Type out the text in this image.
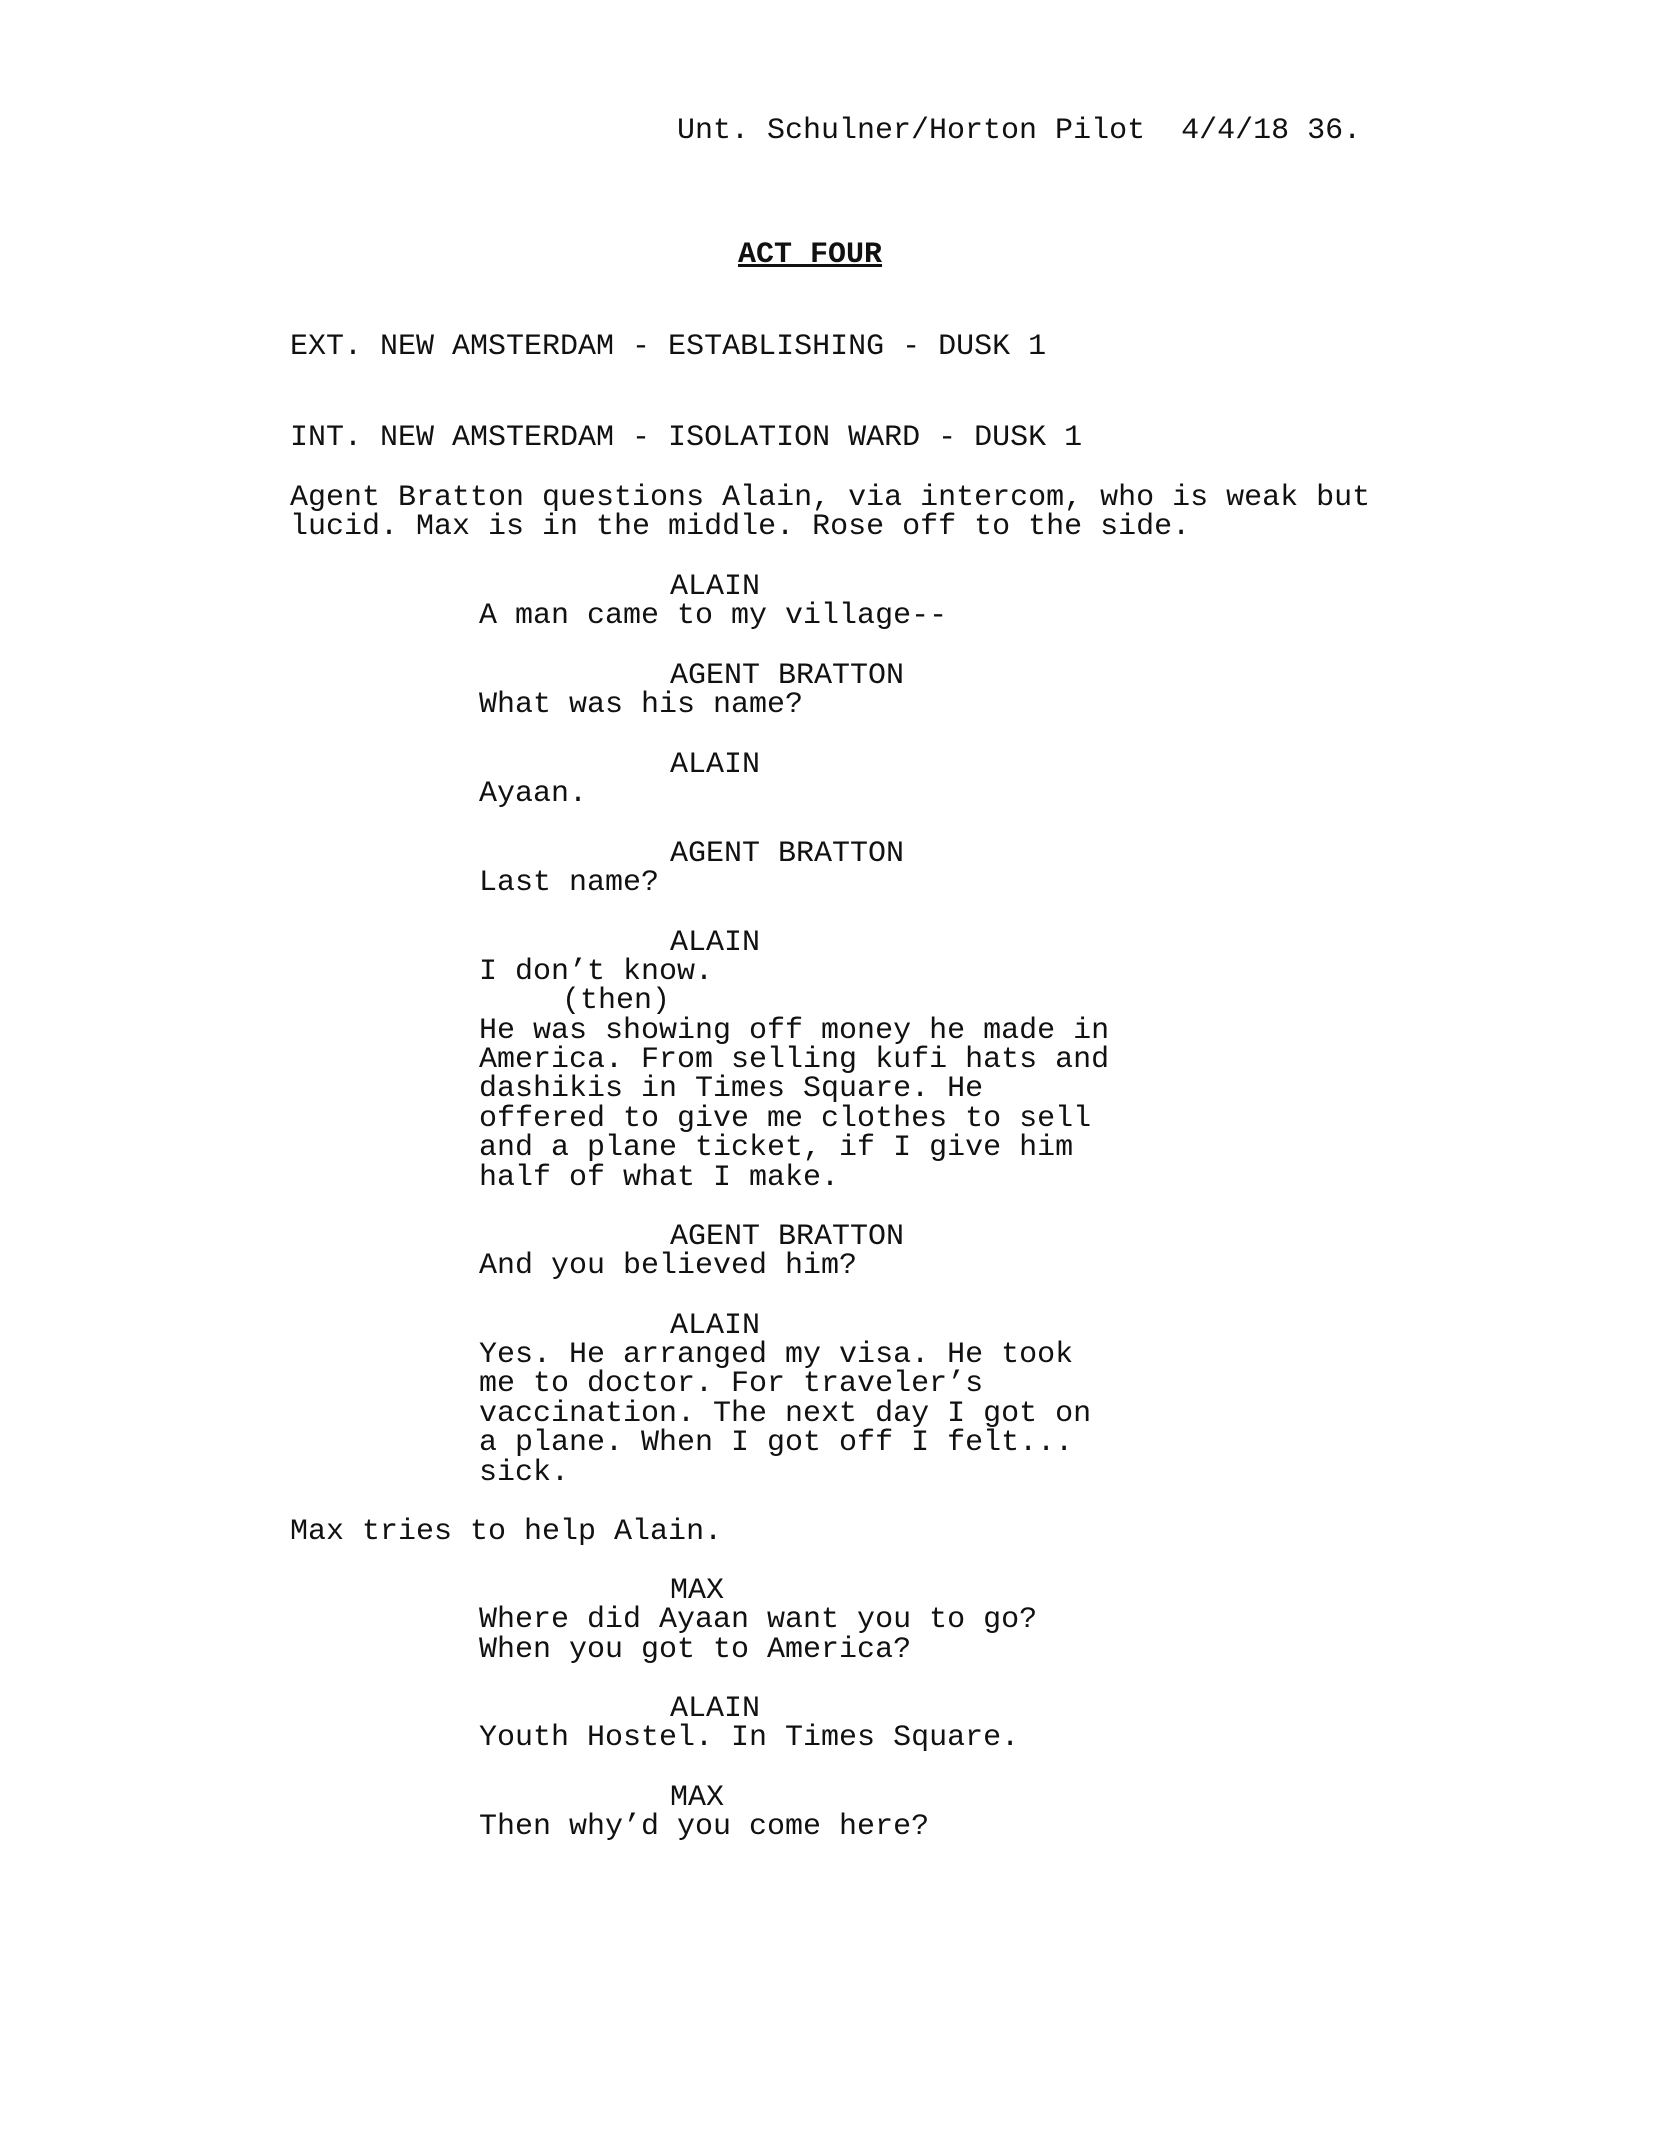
Unt. Schulner/Horton Pilot  4/4/18 36.
ACT FOUR
EXT. NEW AMSTERDAM - ESTABLISHING - DUSK 1
INT. NEW AMSTERDAM - ISOLATION WARD - DUSK 1
Agent Bratton questions Alain, via intercom, who is weak but
lucid. Max is in the middle. Rose off to the side.
ALAIN
A man came to my village--
AGENT BRATTON
What was his name?
ALAIN
Ayaan.
AGENT BRATTON
Last name?
ALAIN
I don’t know.
(then)
He was showing off money he made in
America. From selling kufi hats and
dashikis in Times Square. He
offered to give me clothes to sell
and a plane ticket, if I give him
half of what I make.
AGENT BRATTON
And you believed him?
ALAIN
Yes. He arranged my visa. He took
me to doctor. For traveler’s
vaccination. The next day I got on
a plane. When I got off I felt...
sick.
Max tries to help Alain.
MAX
Where did Ayaan want you to go?
When you got to America?
ALAIN
Youth Hostel. In Times Square.
MAX
Then why’d you come here?
